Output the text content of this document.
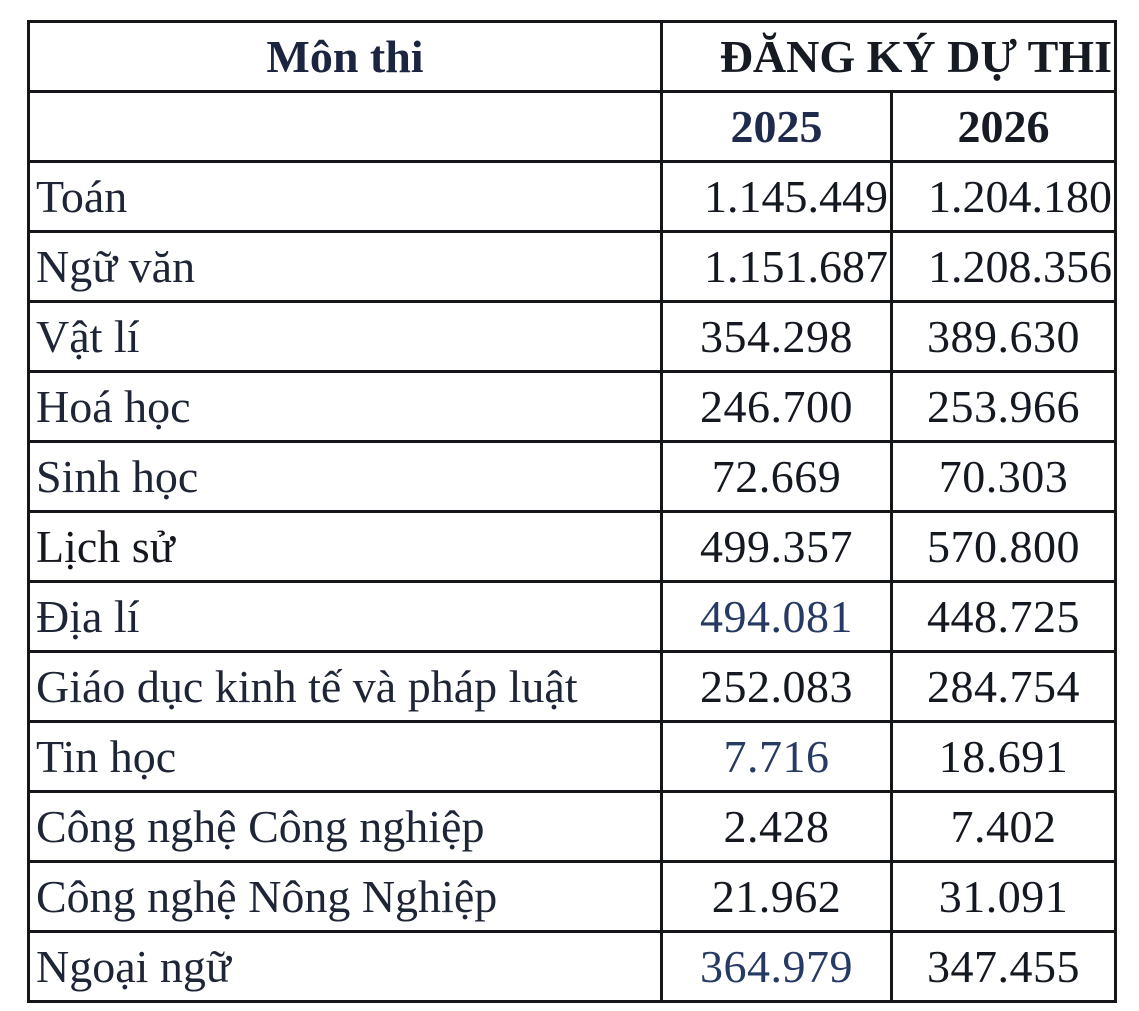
Môn thi	ĐĂNG KÝ DỰ THI	
	2025	2026
Toán	1.145.449	1.204.180
Ngữ văn	1.151.687	1.208.356
Vật lí	354.298	389.630
Hoá học	246.700	253.966
Sinh học	72.669	70.303
Lịch sử	499.357	570.800
Địa lí	494.081	448.725
Giáo dục kinh tế và pháp luật	252.083	284.754
Tin học	7.716	18.691
Công nghệ Công nghiệp	2.428	7.402
Công nghệ Nông Nghiệp	21.962	31.091
Ngoại ngữ	364.979	347.455
